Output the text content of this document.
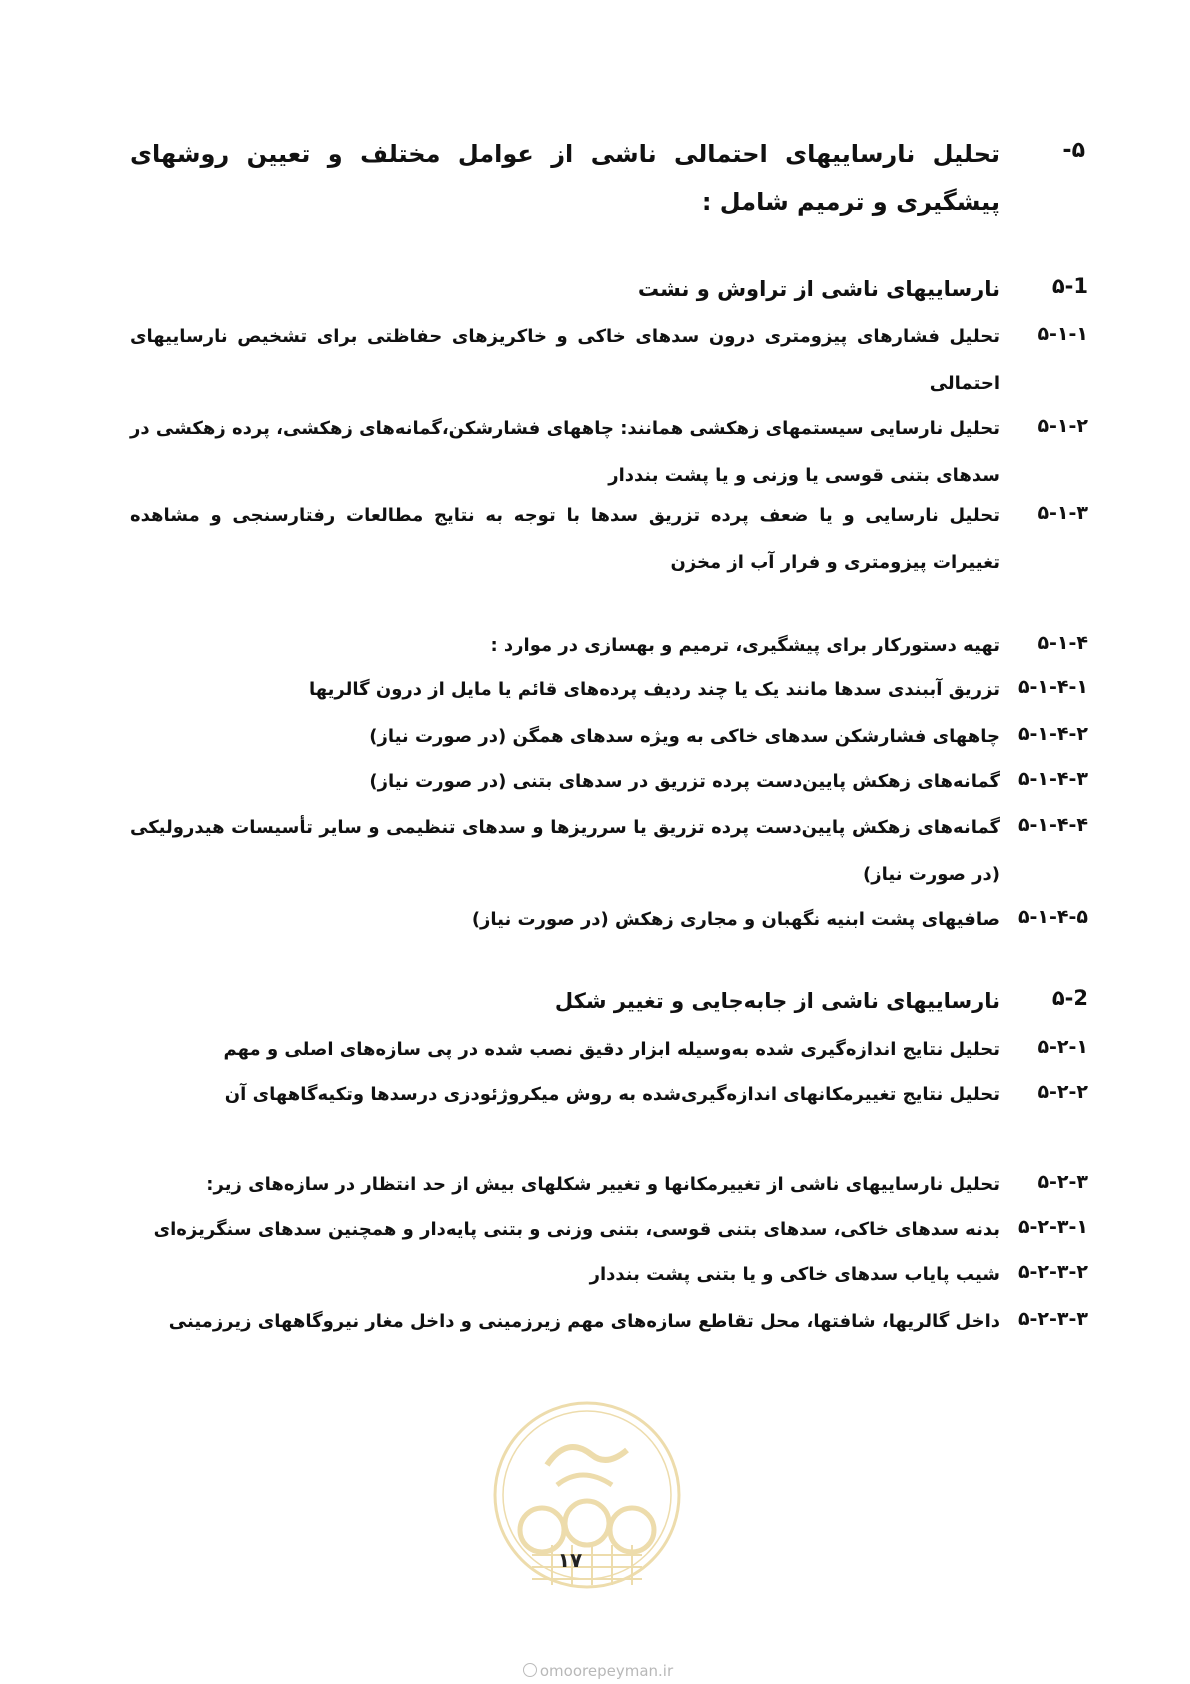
۵-
تحلیل نارساییهای احتمالی ناشی از عوامل مختلف و تعیین روشهای پیشگیری و ترمیم شامل :
۵-1
نارساییهای ناشی از تراوش و نشت
۵-۱-۱
تحلیل فشارهای پیزومتری درون سدهای خاکی و خاکریزهای حفاظتی برای تشخیص نارساییهای احتمالی
۵-۱-۲
تحلیل نارسایی سیستمهای زهکشی همانند: چاههای فشارشکن،گمانه‌های زهکشی، پرده زهکشی در سدهای بتنی قوسی یا وزنی و یا پشت بنددار
۵-۱-۳
تحلیل نارسایی و یا ضعف پرده تزریق سدها با توجه به نتایج مطالعات رفتارسنجی و مشاهده تغییرات پیزومتری و فرار آب از مخزن
۵-۱-۴
تهیه دستورکار برای پیشگیری، ترمیم و بهسازی در موارد :
۵-۱-۴-۱
تزریق آببندی سدها مانند یک یا چند ردیف پرده‌های قائم یا مایل از درون گالریها
۵-۱-۴-۲
چاههای فشارشکن سدهای خاکی به ویژه سدهای همگن (در صورت نیاز)
۵-۱-۴-۳
گمانه‌های زهکش پایین‌دست پرده تزریق در سدهای بتنی (در صورت نیاز)
۵-۱-۴-۴
گمانه‌های زهکش پایین‌دست پرده تزریق یا سرریزها و سدهای تنظیمی و سایر تأسیسات هیدرولیکی (در صورت نیاز)
۵-۱-۴-۵
صافیهای پشت ابنیه نگهبان و مجاری زهکش (در صورت نیاز)
۵-2
نارساییهای ناشی از جابه‌جایی و تغییر شکل
۵-۲-۱
تحلیل نتایج اندازه‌گیری شده به‌وسیله ابزار دقیق نصب شده در پی سازه‌های اصلی و مهم
۵-۲-۲
تحلیل نتایج تغییرمکانهای اندازه‌گیری‌شده به روش میکروژئودزی درسدها وتکیه‌گاههای آن
۵-۲-۳
تحلیل نارساییهای ناشی از تغییرمکانها و تغییر شکلهای بیش از حد انتظار در سازه‌های زیر:
۵-۲-۳-۱
بدنه سدهای خاکی، سدهای بتنی قوسی، بتنی وزنی و بتنی پایه‌دار و همچنین سدهای سنگریزه‌ای
۵-۲-۳-۲
شیب پایاب سدهای خاکی و یا بتنی پشت بنددار
۵-۲-۳-۳
داخل گالریها، شافتها، محل تقاطع سازه‌های مهم زیرزمینی و داخل مغار نیروگاههای زیرزمینی
۱۷
omoorepeyman.ir
